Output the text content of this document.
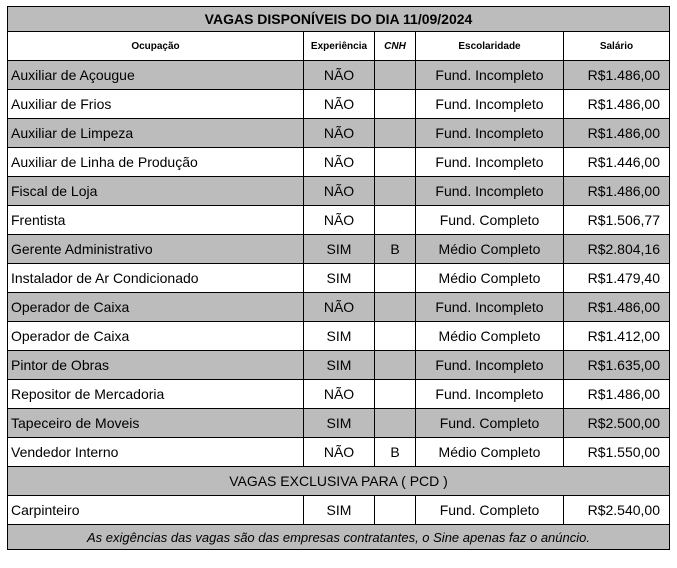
VAGAS DISPONÍVEIS DO DIA 11/09/2024				
Ocupação	Experiência	CNH	Escolaridade	Salário
Auxiliar de Açougue	NÃO		Fund. Incompleto	R$1.486,00
Auxiliar de Frios	NÃO		Fund. Incompleto	R$1.486,00
Auxiliar de Limpeza	NÃO		Fund. Incompleto	R$1.486,00
Auxiliar de Linha de Produção	NÃO		Fund. Incompleto	R$1.446,00
Fiscal de Loja	NÃO		Fund. Incompleto	R$1.486,00
Frentista	NÃO		Fund. Completo	R$1.506,77
Gerente Administrativo	SIM	B	Médio Completo	R$2.804,16
Instalador de Ar Condicionado	SIM		Médio Completo	R$1.479,40
Operador de Caixa	NÃO		Fund. Incompleto	R$1.486,00
Operador de Caixa	SIM		Médio Completo	R$1.412,00
Pintor de Obras	SIM		Fund. Incompleto	R$1.635,00
Repositor de Mercadoria	NÃO		Fund. Incompleto	R$1.486,00
Tapeceiro de Moveis	SIM		Fund. Completo	R$2.500,00
Vendedor Interno	NÃO	B	Médio Completo	R$1.550,00
VAGAS EXCLUSIVA PARA ( PCD )				
Carpinteiro	SIM		Fund. Completo	R$2.540,00
As exigências das vagas são das empresas contratantes, o Sine apenas faz o anúncio.				
